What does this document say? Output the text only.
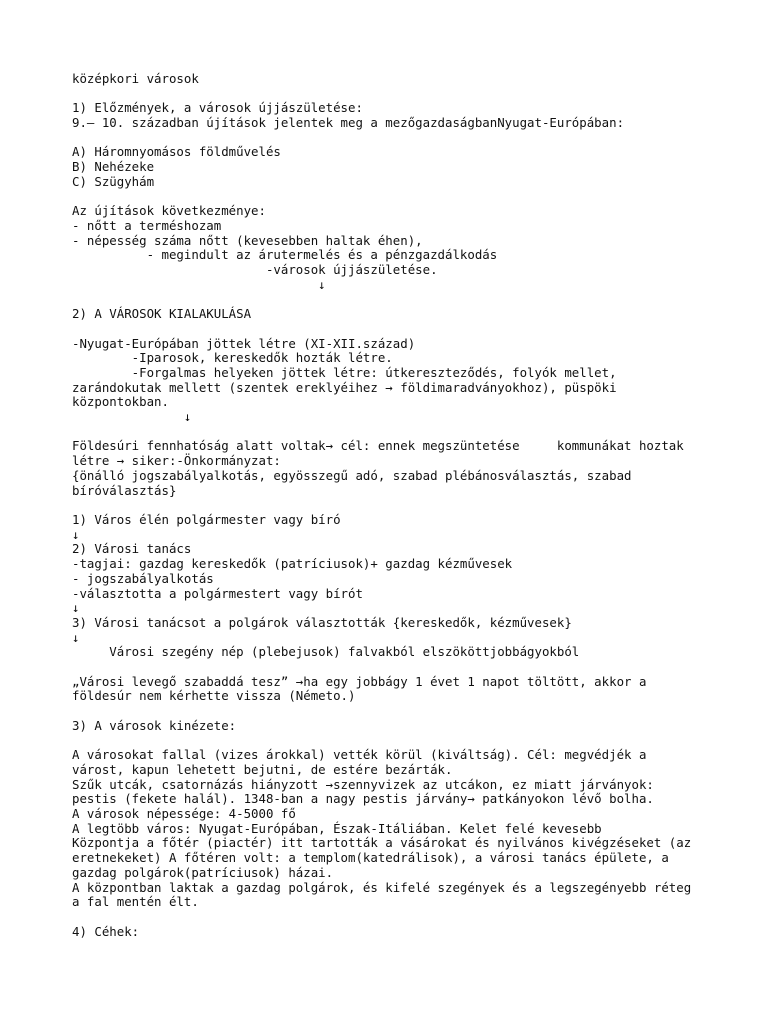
középkori városok
1) Előzmények, a városok újjászületése:
9.– 10. században újítások jelentek meg a mezőgazdaságbanNyugat-Európában:
A) Háromnyomásos földművelés
B) Nehézeke
C) Szügyhám
Az újítások következménye:
- nőtt a terméshozam
- népesség száma nőtt (kevesebben haltak éhen),
- megindult az árutermelés és a pénzgazdálkodás
-városok újjászületése.
↓
2) A VÁROSOK KIALAKULÁSA
-Nyugat-Európában jöttek létre (XI-XII.század)
-Iparosok, kereskedők hozták létre.
-Forgalmas helyeken jöttek létre: útkereszteződés, folyók mellet,
zarándokutak mellett (szentek ereklyéihez → földimaradványokhoz), püspöki
központokban.
↓
Földesúri fennhatóság alatt voltak→ cél: ennek megszüntetése     kommunákat hoztak
létre → siker:-Önkormányzat:
{önálló jogszabályalkotás, egyösszegű adó, szabad plébánosválasztás, szabad
bíróválasztás}
1) Város élén polgármester vagy bíró
↓
2) Városi tanács
-tagjai: gazdag kereskedők (patríciusok)+ gazdag kézművesek
- jogszabályalkotás
-választotta a polgármestert vagy bírót
↓
3) Városi tanácsot a polgárok választották {kereskedők, kézművesek}
↓
Városi szegény nép (plebejusok) falvakból elszököttjobbágyokból
„Városi levegő szabaddá tesz” →ha egy jobbágy 1 évet 1 napot töltött, akkor a
földesúr nem kérhette vissza (Németo.)
3) A városok kinézete:
A városokat fallal (vizes árokkal) vették körül (kiváltság). Cél: megvédjék a
várost, kapun lehetett bejutni, de estére bezárták.
Szűk utcák, csatornázás hiányzott →szennyvizek az utcákon, ez miatt járványok:
pestis (fekete halál). 1348-ban a nagy pestis járvány→ patkányokon lévő bolha.
A városok népessége: 4-5000 fő
A legtöbb város: Nyugat-Európában, Észak-Itáliában. Kelet felé kevesebb
Központja a főtér (piactér) itt tartották a vásárokat és nyilvános kivégzéseket (az
eretnekeket) A főtéren volt: a templom(katedrálisok), a városi tanács épülete, a
gazdag polgárok(patríciusok) házai.
A központban laktak a gazdag polgárok, és kifelé szegények és a legszegényebb réteg
a fal mentén élt.
4) Céhek:
